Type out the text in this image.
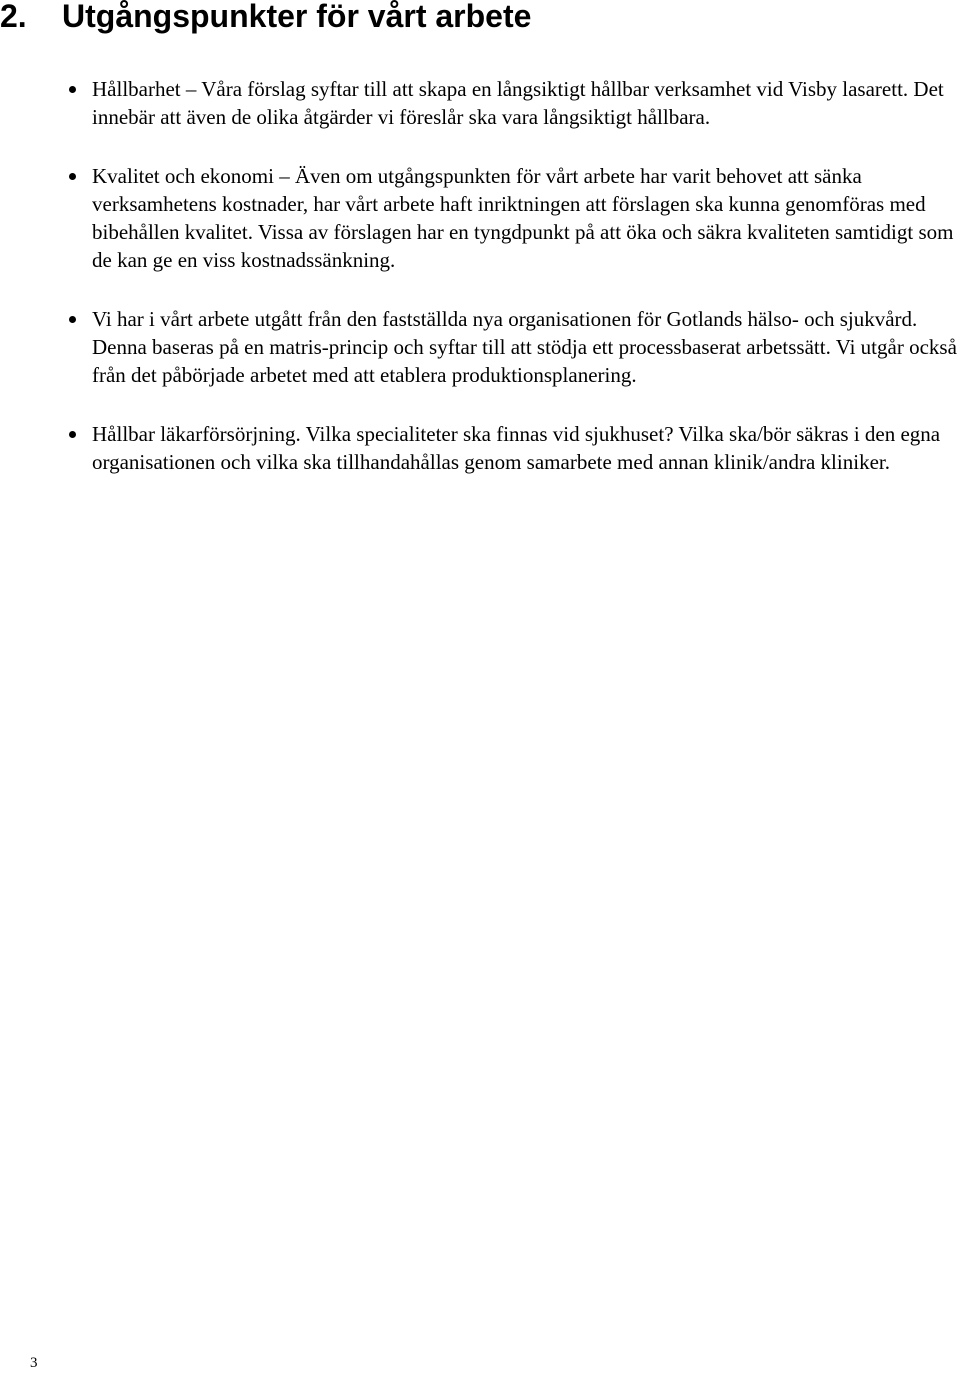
2. Utgångspunkter för vårt arbete
Hållbarhet – Våra förslag syftar till att skapa en långsiktigt hållbar verksamhet vid Visby lasarett. Det innebär att även de olika åtgärder vi föreslår ska vara långsiktigt hållbara.
Kvalitet och ekonomi – Även om utgångspunkten för vårt arbete har varit behovet att sänka verksamhetens kostnader, har vårt arbete haft inriktningen att förslagen ska kunna genomföras med bibehållen kvalitet. Vissa av förslagen har en tyngdpunkt på att öka och säkra kvaliteten samtidigt som de kan ge en viss kostnadssänkning.
Vi har i vårt arbete utgått från den fastställda nya organisationen för Gotlands hälso- och sjukvård. Denna baseras på en matris-princip och syftar till att stödja ett processbaserat arbetssätt. Vi utgår också från det påbörjade arbetet med att etablera produktionsplanering.
Hållbar läkarförsörjning. Vilka specialiteter ska finnas vid sjukhuset? Vilka ska/bör säkras i den egna organisationen och vilka ska tillhandahållas genom samarbete med annan klinik/andra kliniker.
3
